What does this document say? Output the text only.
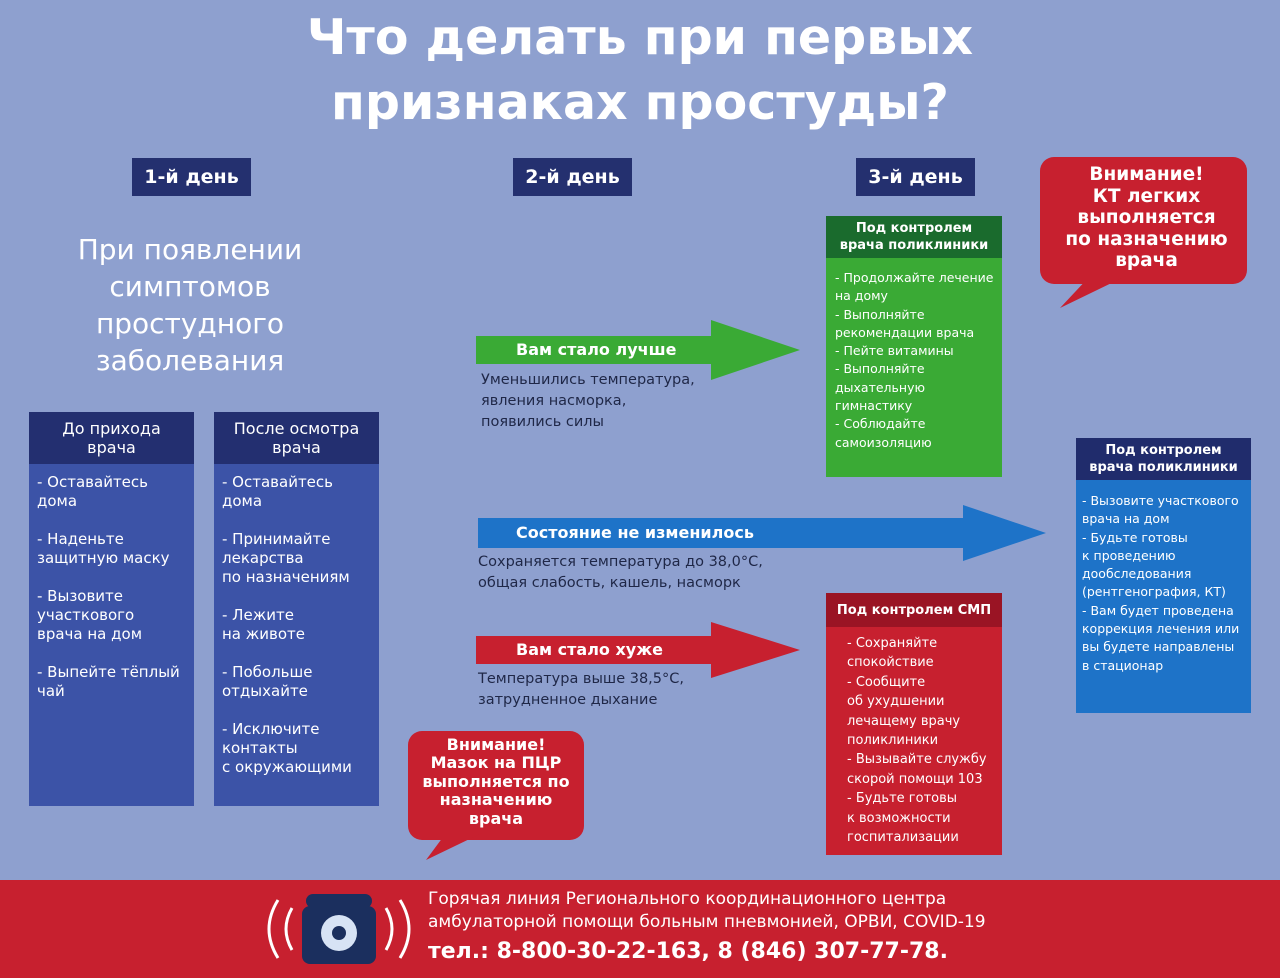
Что делать при первых
признаках простуды?
1-й день	2-й день	3-й день
При появлении
симптомов
простудного
заболевания
До прихода
врача
- Оставайтесь
дома
- Наденьте
защитную маску
- Вызовите
участкового
врача на дом
- Выпейте тёплый
чай
После осмотра
врача
- Оставайтесь
дома
- Принимайте
лекарства
по назначениям
- Лежите
на животе
- Побольше
отдыхайте
- Исключите
контакты
с окружающими
Вам стало лучше
Состояние не изменилось
Вам стало хуже
Уменьшились температура,
явления насморка,
появились силы
Сохраняется температура до 38,0°С,
общая слабость, кашель, насморк
Температура выше 38,5°С,
затрудненное дыхание
Под контролем
врача поликлиники
- Продолжайте лечение
на дому
- Выполняйте
рекомендации врача
- Пейте витамины
- Выполняйте
дыхательную
гимнастику
- Соблюдайте
самоизоляцию
Под контролем
врача поликлиники
- Вызовите участкового
врача на дом
- Будьте готовы
к проведению
дообследования
(рентгенография, КТ)
- Вам будет проведена
коррекция лечения или
вы будете направлены
в стационар
Под контролем СМП
- Сохраняйте
спокойствие
- Сообщите
об ухудшении
лечащему врачу
поликлиники
- Вызывайте службу
скорой помощи 103
- Будьте готовы
к возможности
госпитализации
Внимание!
КТ легких
выполняется
по назначению
врача
Внимание!
Мазок на ПЦР
выполняется по
назначению
врача
Горячая линия Регионального координационного центра
амбулаторной помощи больным пневмонией, ОРВИ, COVID-19
тел.: 8-800-30-22-163, 8 (846) 307-77-78.
